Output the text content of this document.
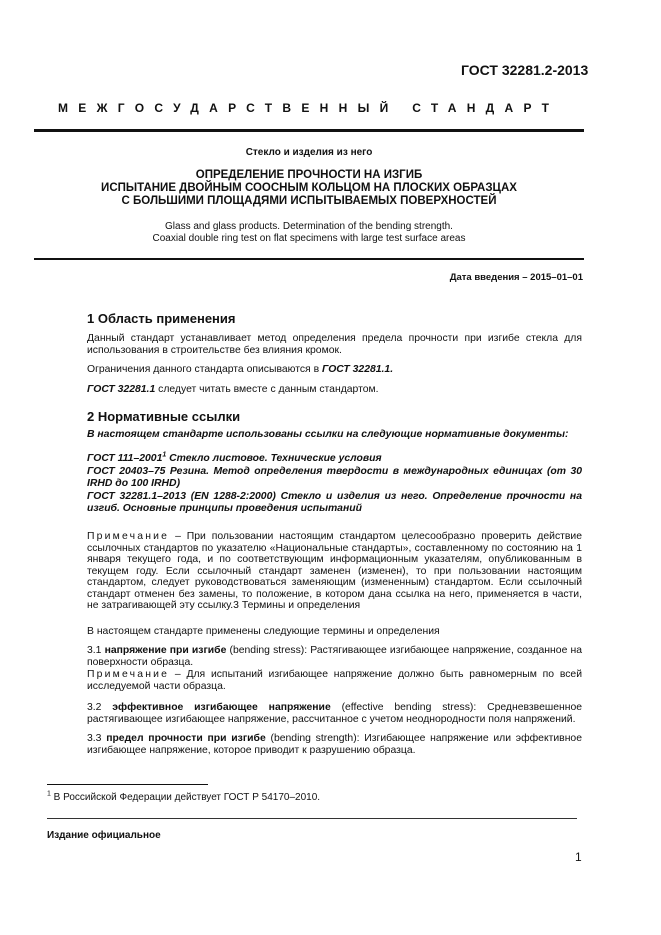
ГОСТ 32281.2-2013
МЕЖГОСУДАРСТВЕННЫЙ СТАНДАРТ
Стекло и изделия из него
ОПРЕДЕЛЕНИЕ ПРОЧНОСТИ НА ИЗГИБ
ИСПЫТАНИЕ ДВОЙНЫМ СООСНЫМ КОЛЬЦОМ НА ПЛОСКИХ ОБРАЗЦАХ
С БОЛЬШИМИ ПЛОЩАДЯМИ ИСПЫТЫВАЕМЫХ ПОВЕРХНОСТЕЙ
Glass and glass products. Determination of the bending strength.
Coaxial double ring test on flat specimens with large test surface areas
Дата введения – 2015–01–01
1 Область применения
Данный стандарт устанавливает метод определения предела прочности при изгибе стекла для использования в строительстве без влияния кромок.
Ограничения данного стандарта описываются в ГОСТ 32281.1.
ГОСТ 32281.1 следует читать вместе с данным стандартом.
2 Нормативные ссылки
В настоящем стандарте использованы ссылки на следующие нормативные документы:
ГОСТ 111–2001$^1$ Стекло листовое. Технические условия
ГОСТ 20403–75 Резина. Метод определения твердости в международных единицах (от 30 IRHD до 100 IRHD)
ГОСТ 32281.1–2013 (EN 1288-2:2000) Стекло и изделия из него. Определение прочности на изгиб. Основные принципы проведения испытаний
Примечание – При пользовании настоящим стандартом целесообразно проверить действие ссылочных стандартов по указателю «Национальные стандарты», составленному по состоянию на 1 января текущего года, и по соответствующим информационным указателям, опубликованным в текущем году. Если ссылочный стандарт заменен (изменен), то при пользовании настоящим стандартом, следует руководствоваться заменяющим (измененным) стандартом. Если ссылочный стандарт отменен без замены, то положение, в котором дана ссылка на него, применяется в части, не затрагивающей эту ссылку.3 Термины и определения
В настоящем стандарте применены следующие термины и определения
3.1 напряжение при изгибе (bending stress): Растягивающее изгибающее напряжение, созданное на поверхности образца.
Примечание – Для испытаний изгибающее напряжение должно быть равномерным по всей исследуемой части образца.
3.2 эффективное изгибающее напряжение (effective bending stress): Средневзвешенное растягивающее изгибающее напряжение, рассчитанное с учетом неоднородности поля напряжений.
3.3 предел прочности при изгибе (bending strength): Изгибающее напряжение или эффективное изгибающее напряжение, которое приводит к разрушению образца.
$^1$ В Российской Федерации действует ГОСТ Р 54170–2010.
Издание официальное
1
